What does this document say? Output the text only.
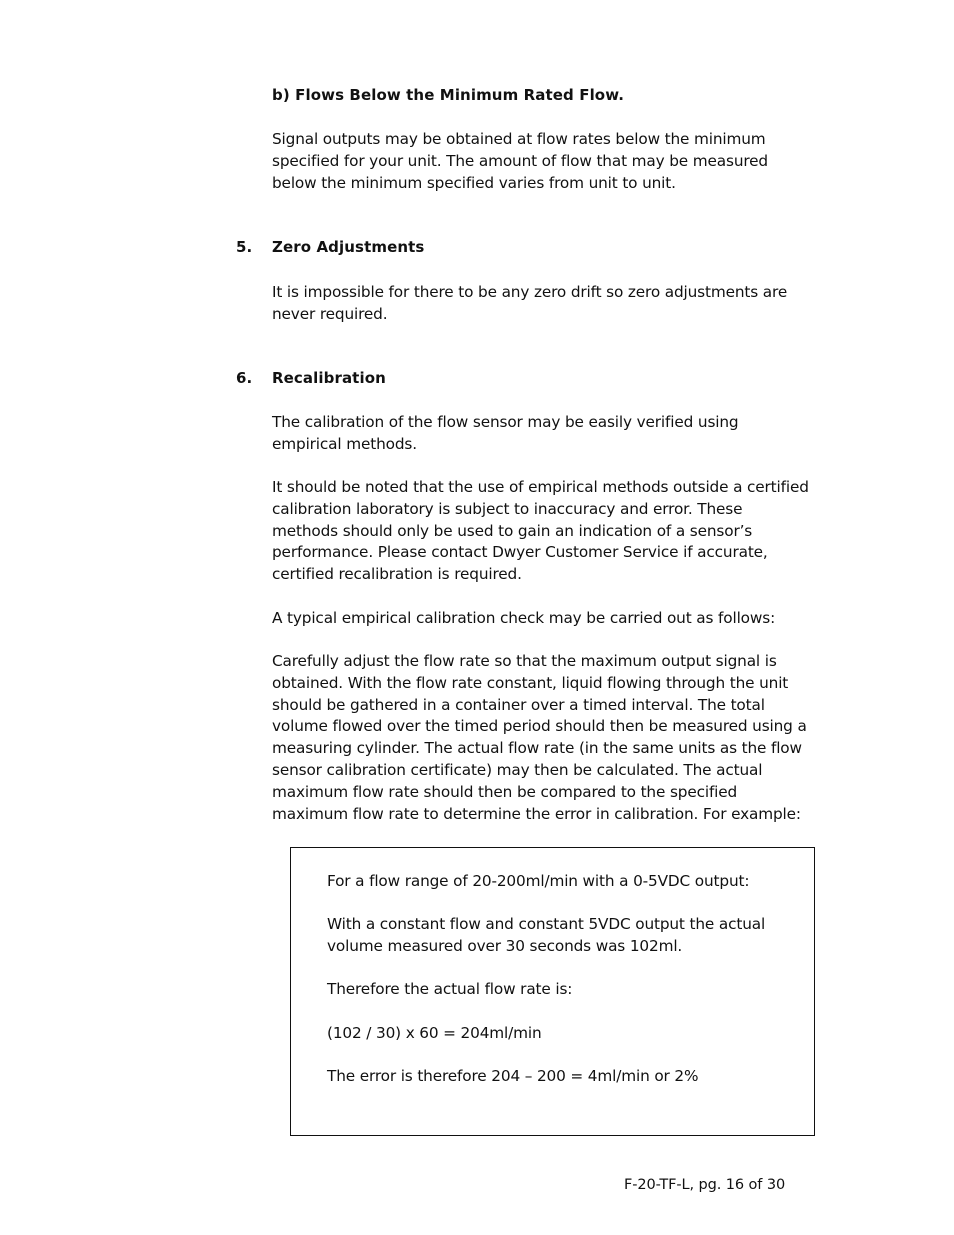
b) Flows Below the Minimum Rated Flow.
Signal outputs may be obtained at flow rates below the minimum specified for your unit. The amount of flow that may be measured below the minimum specified varies from unit to unit.
5. Zero Adjustments
It is impossible for there to be any zero drift so zero adjustments are never required.
6. Recalibration
The calibration of the flow sensor may be easily verified using empirical methods.
It should be noted that the use of empirical methods outside a certified calibration laboratory is subject to inaccuracy and error. These methods should only be used to gain an indication of a sensor’s performance. Please contact Dwyer Customer Service if accurate, certified recalibration is required.
A typical empirical calibration check may be carried out as follows:
Carefully adjust the flow rate so that the maximum output signal is obtained. With the flow rate constant, liquid flowing through the unit should be gathered in a container over a timed interval. The total volume flowed over the timed period should then be measured using a measuring cylinder. The actual flow rate (in the same units as the flow sensor calibration certificate) may then be calculated. The actual maximum flow rate should then be compared to the specified maximum flow rate to determine the error in calibration. For example:
For a flow range of 20-200ml/min with a 0-5VDC output:
With a constant flow and constant 5VDC output the actual volume measured over 30 seconds was 102ml.
Therefore the actual flow rate is:
(102 / 30) x 60 = 204ml/min
The error is therefore 204 – 200 = 4ml/min or 2%
F-20-TF-L, pg. 16 of 30
